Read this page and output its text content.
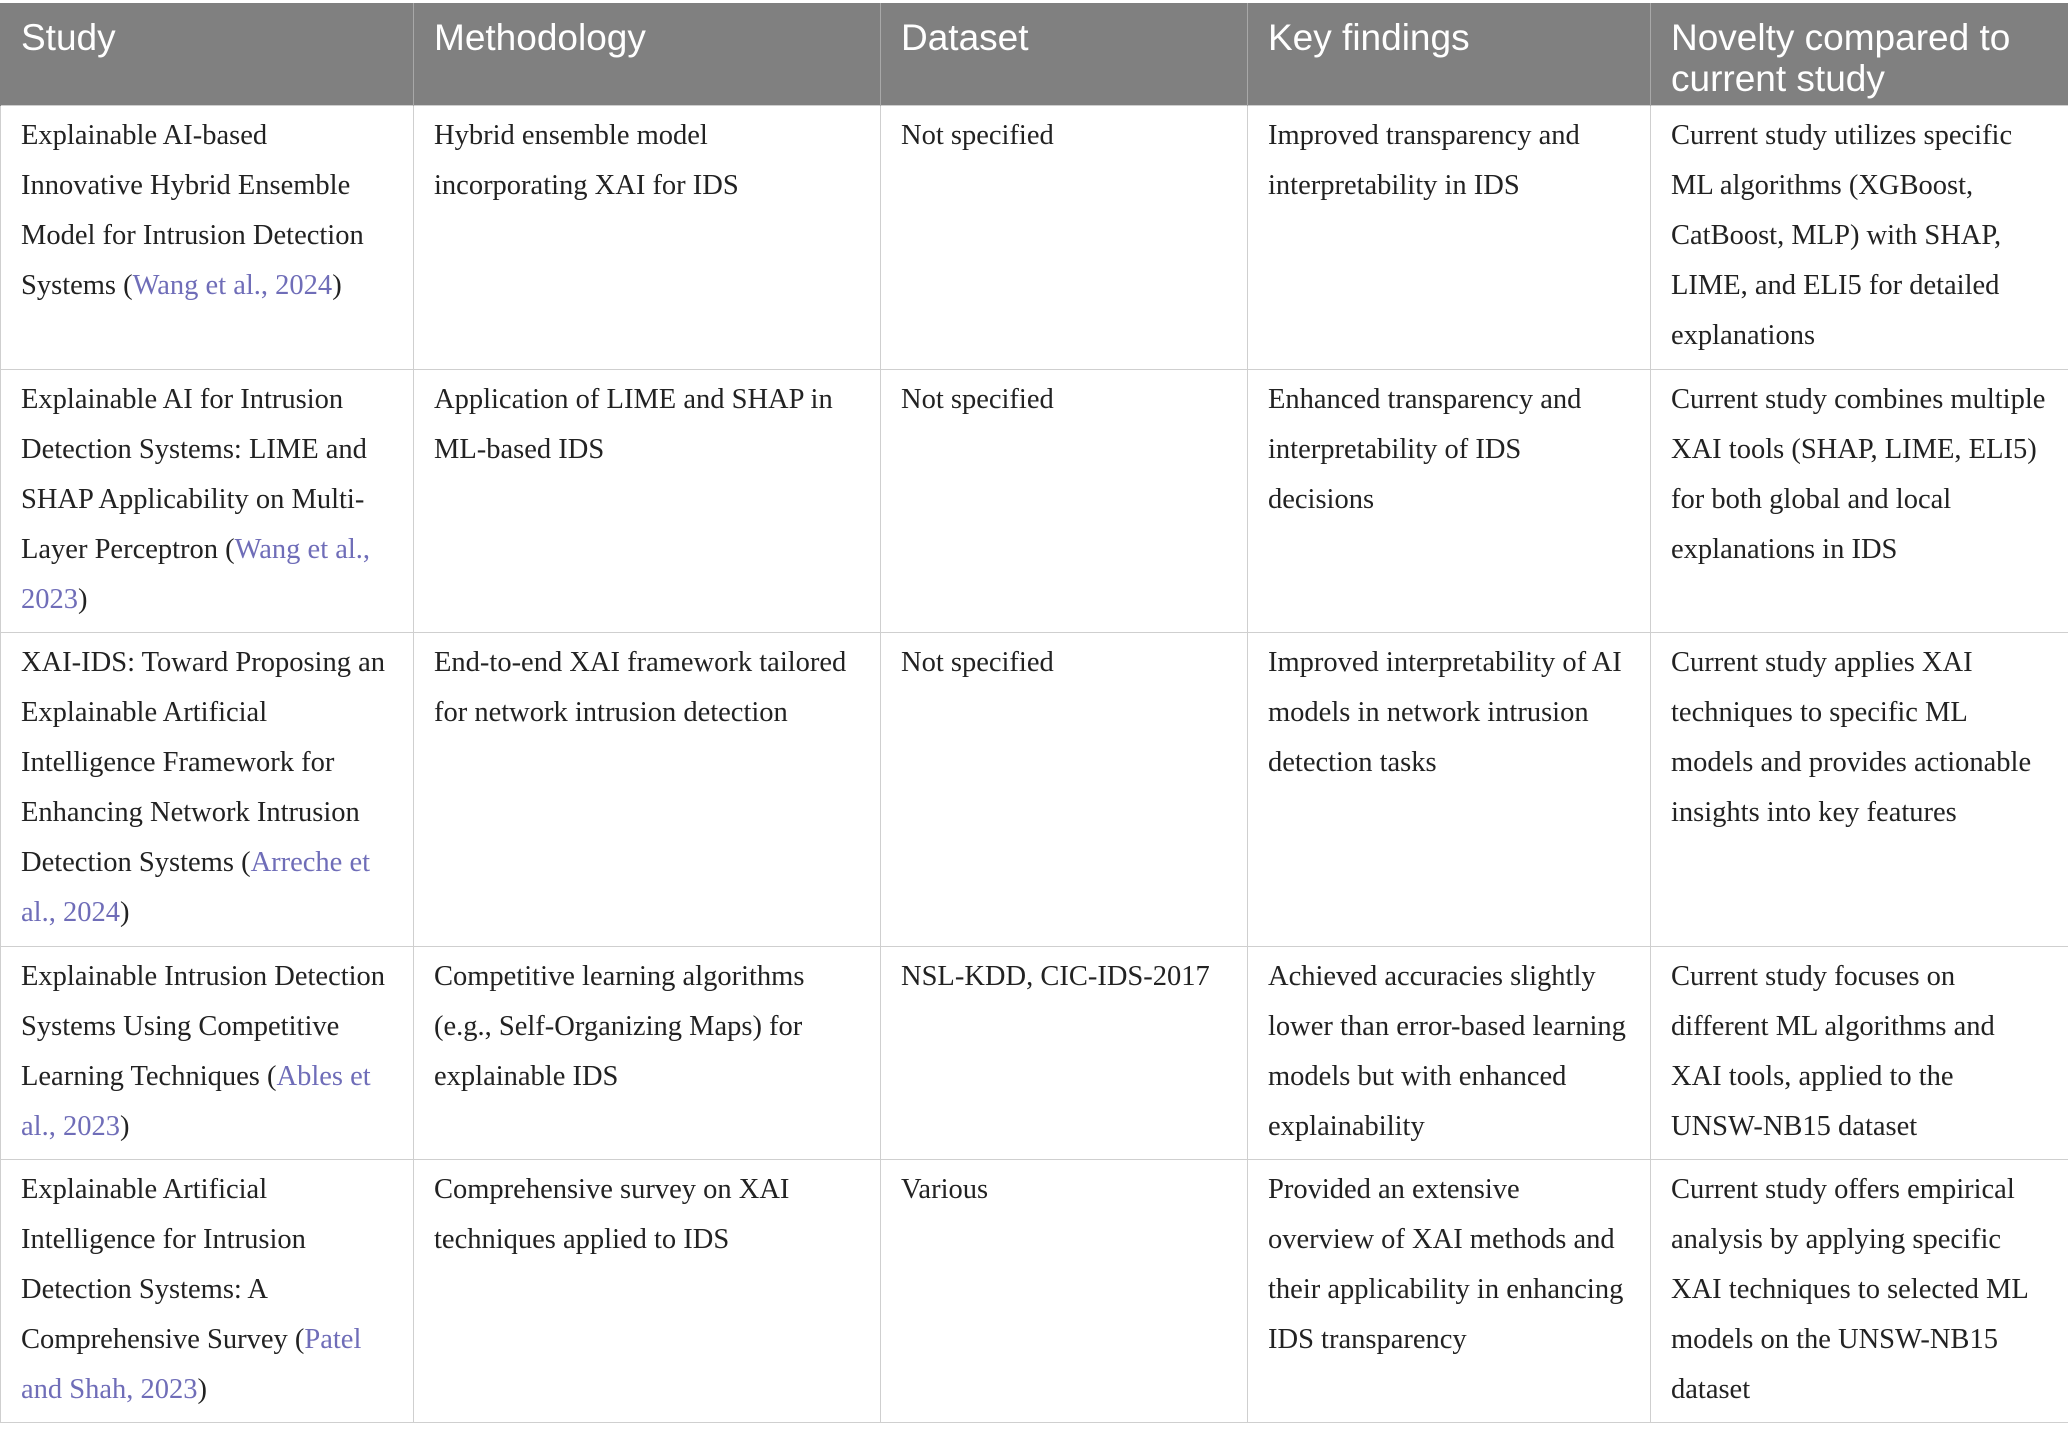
Study	Methodology	Dataset	Key findings	Novelty compared to current study
Explainable AI-based Innovative Hybrid Ensemble Model for Intrusion Detection Systems (Wang et al., 2024)	Hybrid ensemble model incorporating XAI for IDS	Not specified	Improved transparency and interpretability in IDS	Current study utilizes specific ML algorithms (XGBoost, CatBoost, MLP) with SHAP, LIME, and ELI5 for detailed explanations
Explainable AI for Intrusion Detection Systems: LIME and SHAP Applicability on Multi-Layer Perceptron (Wang et al., 2023)	Application of LIME and SHAP in ML-based IDS	Not specified	Enhanced transparency and interpretability of IDS decisions	Current study combines multiple XAI tools (SHAP, LIME, ELI5) for both global and local explanations in IDS
XAI-IDS: Toward Proposing an Explainable Artificial Intelligence Framework for Enhancing Network Intrusion Detection Systems (Arreche et al., 2024)	End-to-end XAI framework tailored for network intrusion detection	Not specified	Improved interpretability of AI models in network intrusion detection tasks	Current study applies XAI techniques to specific ML models and provides actionable insights into key features
Explainable Intrusion Detection Systems Using Competitive Learning Techniques (Ables et al., 2023)	Competitive learning algorithms (e.g., Self-Organizing Maps) for explainable IDS	NSL-KDD, CIC-IDS-2017	Achieved accuracies slightly lower than error-based learning models but with enhanced explainability	Current study focuses on different ML algorithms and XAI tools, applied to the UNSW-NB15 dataset
Explainable Artificial Intelligence for Intrusion Detection Systems: A Comprehensive Survey (Patel and Shah, 2023)	Comprehensive survey on XAI techniques applied to IDS	Various	Provided an extensive overview of XAI methods and their applicability in enhancing IDS transparency	Current study offers empirical analysis by applying specific XAI techniques to selected ML models on the UNSW-NB15 dataset
